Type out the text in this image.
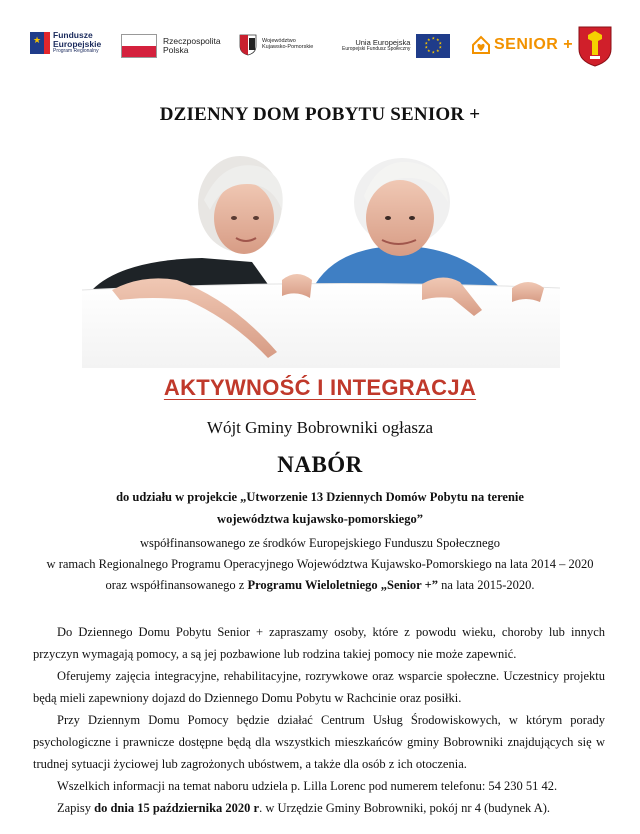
★
Fundusze
Europejskie
Program Regionalny
Rzeczpospolita
Polska
Województwo
Kujawsko-Pomorskie	Unia Europejska
Europejski Fundusz Społeczny
★ ★
★
★
★
★
★
★
★
★	SENIOR +
DZIENNY DOM POBYTU SENIOR +
AKTYWNOŚĆ I INTEGRACJA
Wójt Gminy Bobrowniki ogłasza
NABÓR
do udziału w projekcie „Utworzenie 13 Dziennych Domów Pobytu na terenie
województwa kujawsko-pomorskiego”
współfinansowanego ze środków Europejskiego Funduszu Społecznego
w ramach Regionalnego Programu Operacyjnego Województwa Kujawsko-Pomorskiego na lata 2014 – 2020
oraz współfinansowanego z Programu Wieloletniego „Senior +” na lata 2015-2020.

Do Dziennego Domu Pobytu Senior + zapraszamy osoby, które z powodu wieku, choroby lub innych przyczyn wymagają pomocy, a są jej pozbawione lub rodzina takiej pomocy nie może zapewnić.

Oferujemy zajęcia integracyjne, rehabilitacyjne, rozrywkowe oraz wsparcie społeczne. Uczestnicy projektu będą mieli zapewniony dojazd do Dziennego Domu Pobytu w Rachcinie oraz posiłki.

Przy Dziennym Domu Pomocy będzie działać Centrum Usług Środowiskowych, w którym porady psychologiczne i prawnicze dostępne będą dla wszystkich mieszkańców gminy Bobrowniki znajdujących się w trudnej sytuacji życiowej lub zagrożonych ubóstwem, a także dla osób z ich otoczenia.

Wszelkich informacji na temat naboru udziela p. Lilla Lorenc pod numerem telefonu: 54 230 51 42.

Zapisy do dnia 15 października 2020 r. w Urzędzie Gminy Bobrowniki, pokój nr 4 (budynek A).
